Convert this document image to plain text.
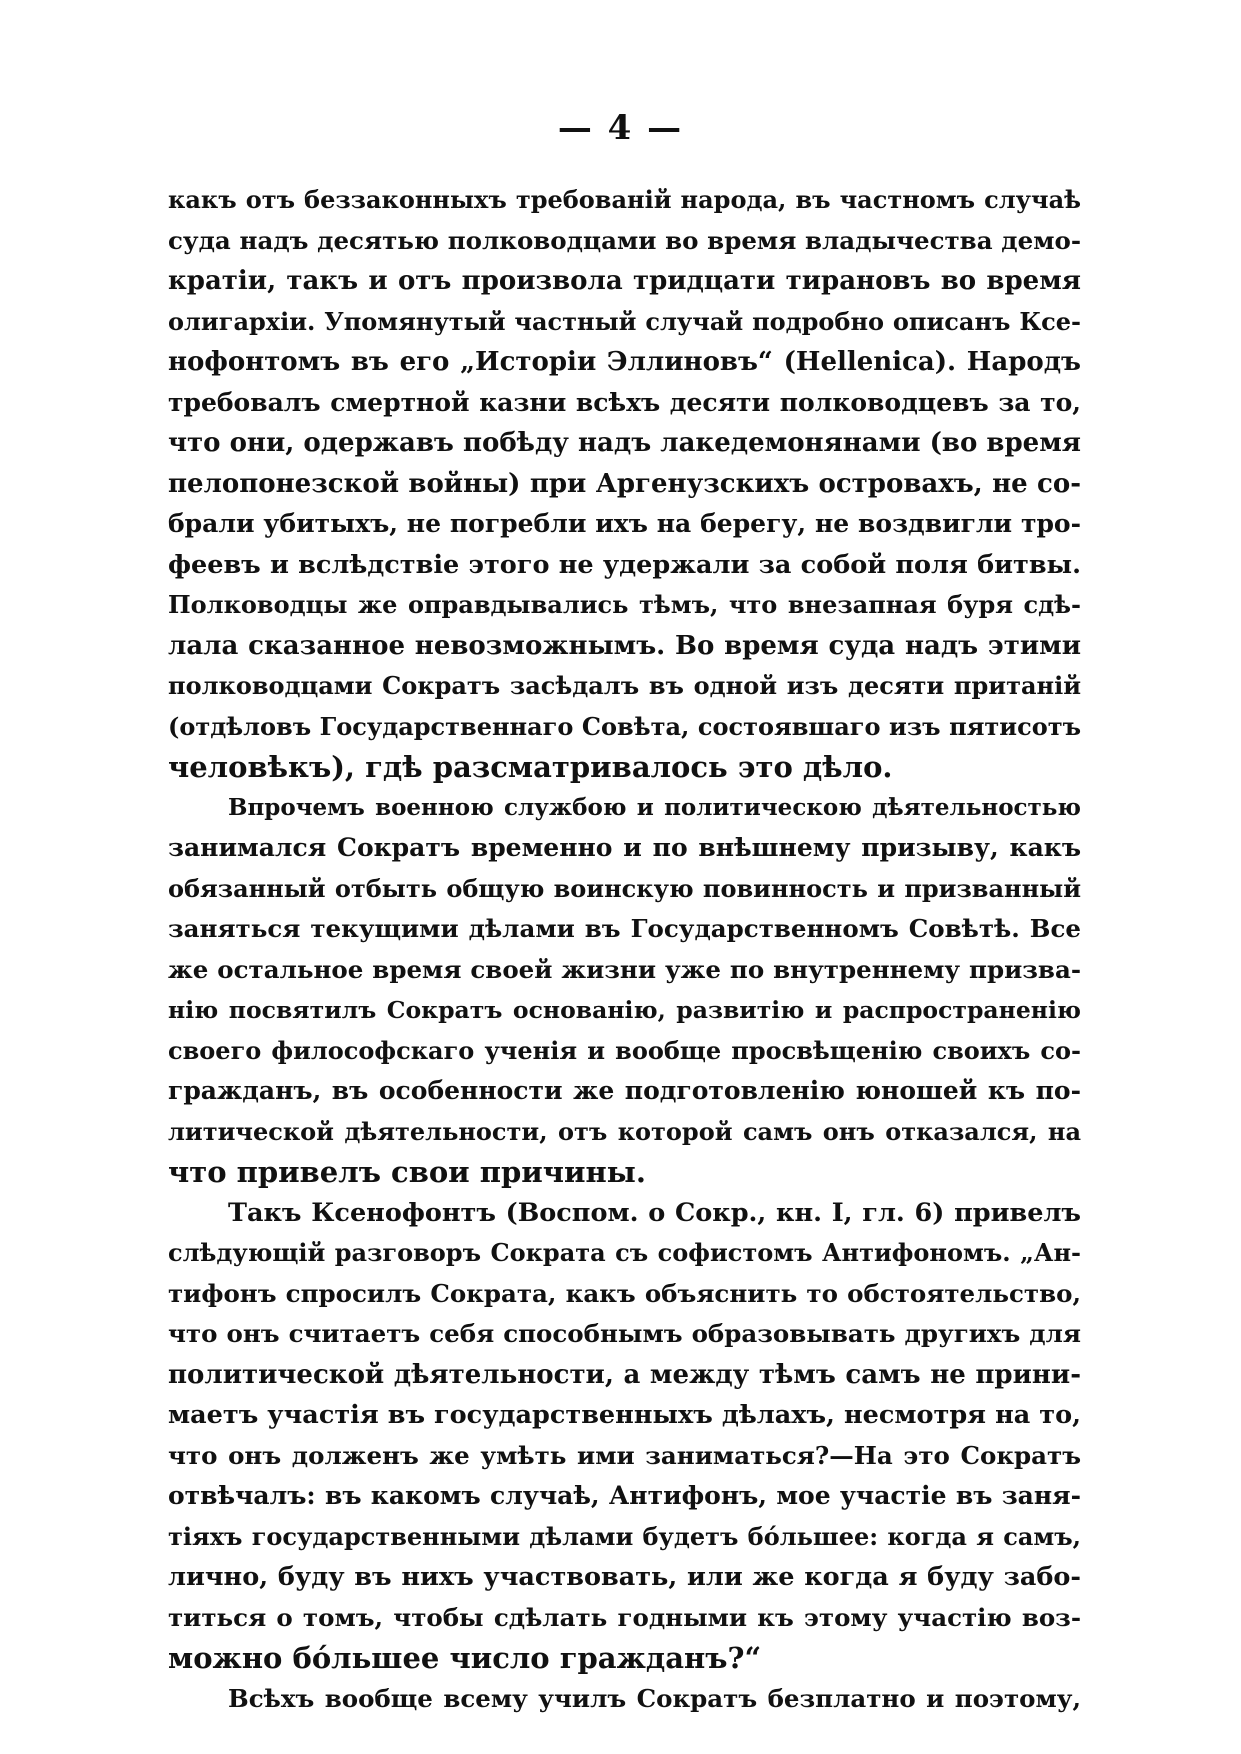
— 4 —
какъ отъ беззаконныхъ требованій народа, въ частномъ случаѣ
суда надъ десятью полководцами во время владычества демо-
кратіи, такъ и отъ произвола тридцати тирановъ во время
олигархіи. Упомянутый частный случай подробно описанъ Ксе-
нофонтомъ въ его „Исторіи Эллиновъ“ (Hellenica). Народъ
требовалъ смертной казни всѣхъ десяти полководцевъ за то,
что они, одержавъ побѣду надъ лакедемонянами (во время
пелопонезской войны) при Аргенузскихъ островахъ, не со-
брали убитыхъ, не погребли ихъ на берегу, не воздвигли тро-
феевъ и вслѣдствіе этого не удержали за собой поля битвы.
Полководцы же оправдывались тѣмъ, что внезапная буря сдѣ-
лала сказанное невозможнымъ. Во время суда надъ этими
полководцами Сократъ засѣдалъ въ одной изъ десяти пританій
(отдѣловъ Государственнаго Совѣта, состоявшаго изъ пятисотъ
человѣкъ), гдѣ разсматривалось это дѣло.
Впрочемъ военною службою и политическою дѣятельностью
занимался Сократъ временно и по внѣшнему призыву, какъ
обязанный отбыть общую воинскую повинность и призванный
заняться текущими дѣлами въ Государственномъ Совѣтѣ. Все
же остальное время своей жизни уже по внутреннему призва-
нію посвятилъ Сократъ основанію, развитію и распространенію
своего философскаго ученія и вообще просвѣщенію своихъ со-
гражданъ, въ особенности же подготовленію юношей къ по-
литической дѣятельности, отъ которой самъ онъ отказался, на
что привелъ свои причины.
Такъ Ксенофонтъ (Воспом. о Сокр., кн. I, гл. 6) привелъ
слѣдующій разговоръ Сократа съ софистомъ Антифономъ. „Ан-
тифонъ спросилъ Сократа, какъ объяснить то обстоятельство,
что онъ считаетъ себя способнымъ образовывать другихъ для
политической дѣятельности, а между тѣмъ самъ не прини-
маетъ участія въ государственныхъ дѣлахъ, несмотря на то,
что онъ долженъ же умѣть ими заниматься?—На это Сократъ
отвѣчалъ: въ какомъ случаѣ, Антифонъ, мое участіе въ заня-
тіяхъ государственными дѣлами будетъ бо́льшее: когда я самъ,
лично, буду въ нихъ участвовать, или же когда я буду забо-
титься о томъ, чтобы сдѣлать годными къ этому участію воз-
можно бо́льшее число гражданъ?“
Всѣхъ вообще всему училъ Сократъ безплатно и поэтому,
